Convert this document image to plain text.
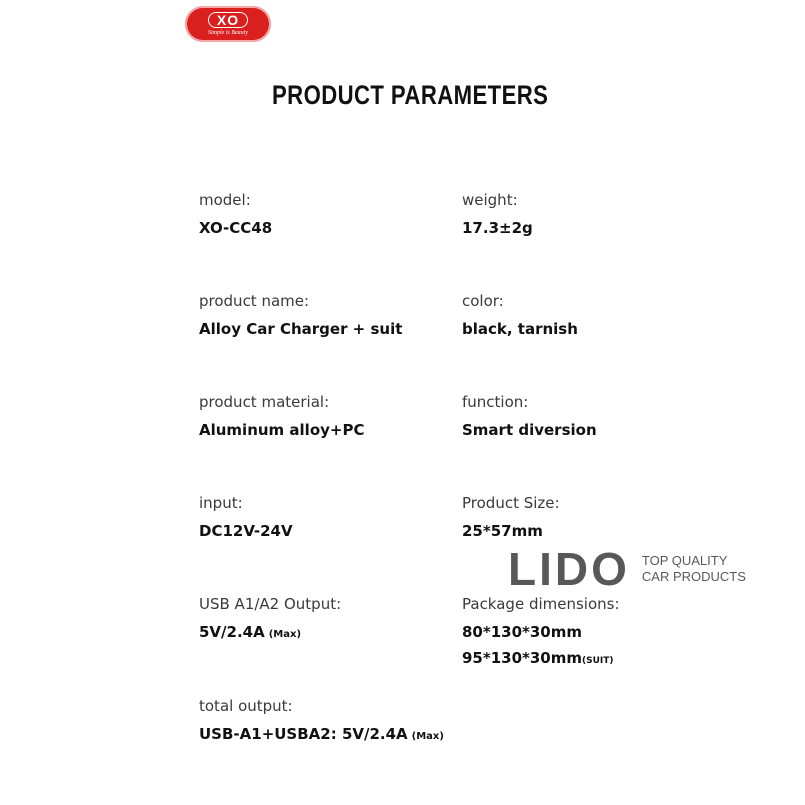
XO
Simple is Beauty
PRODUCT PARAMETERS
model:
XO-CC48
weight:
17.3±2g
product name:
Alloy Car Charger + suit
color:
black, tarnish
product material:
Aluminum alloy+PC
function:
Smart diversion
input:
DC12V-24V
Product Size:
25*57mm
LIDO TOP QUALITY
CAR PRODUCTS
USB A1/A2 Output:
5V/2.4A (Max)
Package dimensions:
80*130*30mm
95*130*30mm(SUIT)
total output:
USB-A1+USBA2: 5V/2.4A (Max)
